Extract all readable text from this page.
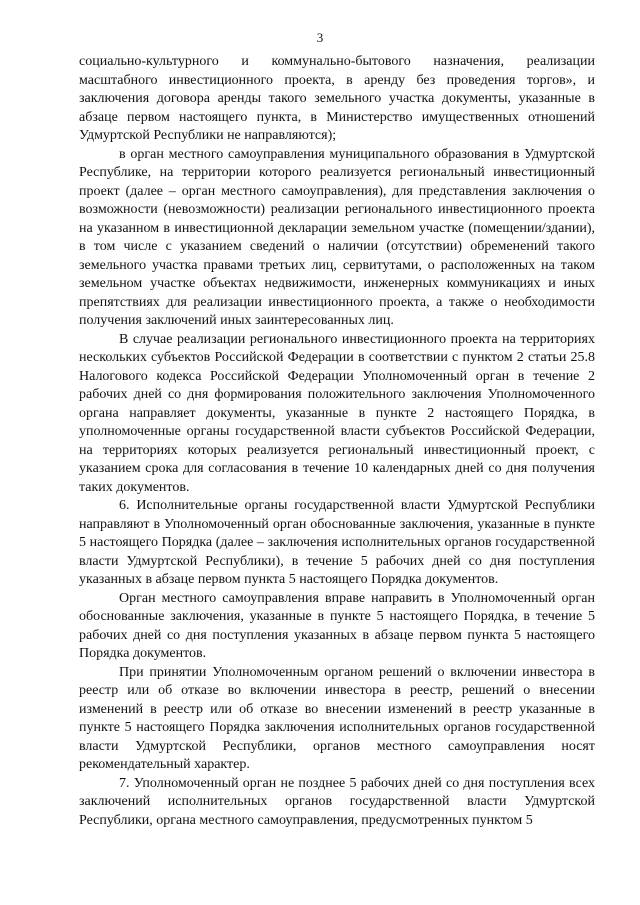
3

социально-культурного и коммунально-бытового назначения, реализации масштабного инвестиционного проекта, в аренду без проведения торгов», и заключения договора аренды такого земельного участка документы, указанные в абзаце первом настоящего пункта, в Министерство имущественных отношений Удмуртской Республики не направляются);

в орган местного самоуправления муниципального образования в Удмуртской Республике, на территории которого реализуется региональный инвестиционный проект (далее – орган местного самоуправления), для представления заключения о возможности (невозможности) реализации регионального инвестиционного проекта на указанном в инвестиционной декларации земельном участке (помещении/здании), в том числе с указанием сведений о наличии (отсутствии) обременений такого земельного участка правами третьих лиц, сервитутами, о расположенных на таком земельном участке объектах недвижимости, инженерных коммуникациях и иных препятствиях для реализации инвестиционного проекта, а также о необходимости получения заключений иных заинтересованных лиц.

В случае реализации регионального инвестиционного проекта на территориях нескольких субъектов Российской Федерации в соответствии с пунктом 2 статьи 25.8 Налогового кодекса Российской Федерации Уполномоченный орган в течение 2 рабочих дней со дня формирования положительного заключения Уполномоченного органа направляет документы, указанные в пункте 2 настоящего Порядка, в уполномоченные органы государственной власти субъектов Российской Федерации, на территориях которых реализуется региональный инвестиционный проект, с указанием срока для согласования в течение 10 календарных дней со дня получения таких документов.

6. Исполнительные органы государственной власти Удмуртской Республики направляют в Уполномоченный орган обоснованные заключения, указанные в пункте 5 настоящего Порядка (далее – заключения исполнительных органов государственной власти Удмуртской Республики), в течение 5 рабочих дней со дня поступления указанных в абзаце первом пункта 5 настоящего Порядка документов.

Орган местного самоуправления вправе направить в Уполномоченный орган обоснованные заключения, указанные в пункте 5 настоящего Порядка, в течение 5 рабочих дней со дня поступления указанных в абзаце первом пункта 5 настоящего Порядка документов.

При принятии Уполномоченным органом решений о включении инвестора в реестр или об отказе во включении инвестора в реестр, решений о внесении изменений в реестр или об отказе во внесении изменений в реестр указанные в пункте 5 настоящего Порядка заключения исполнительных органов государственной власти Удмуртской Республики, органов местного самоуправления носят рекомендательный характер.

7. Уполномоченный орган не позднее 5 рабочих дней со дня поступления всех заключений исполнительных органов государственной власти Удмуртской Республики, органа местного самоуправления, предусмотренных пунктом 5
